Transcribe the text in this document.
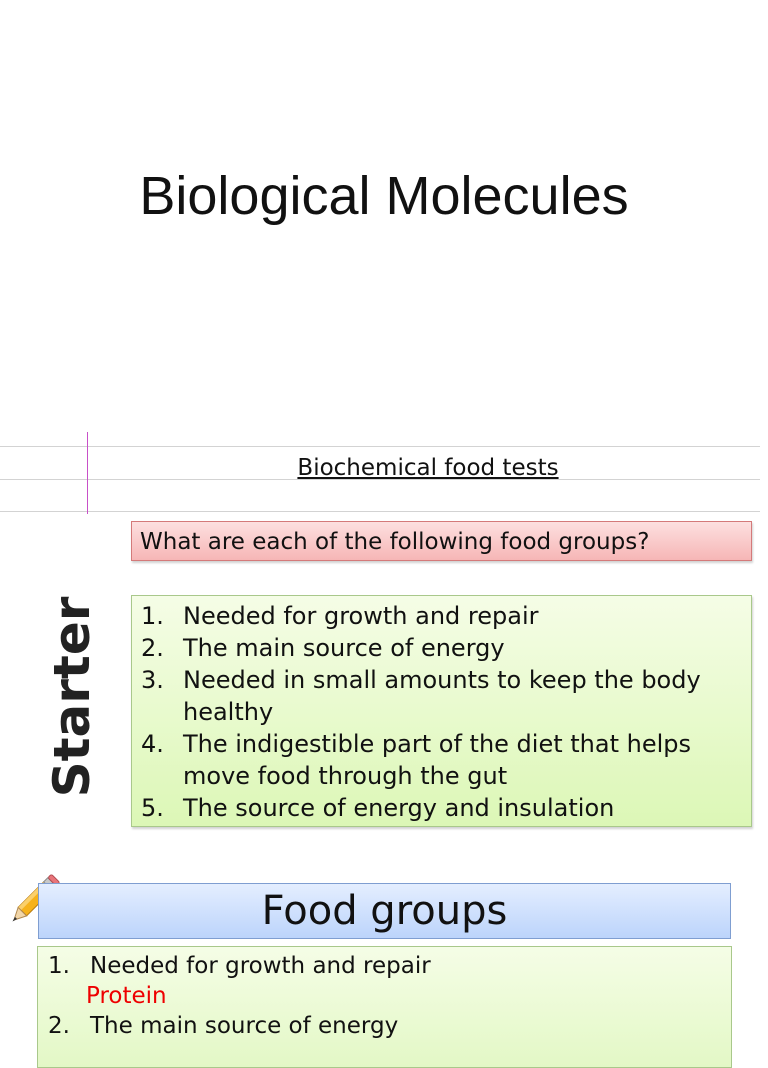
Biological Molecules
Biochemical food tests
What are each of the following food groups?
Starter 1. Needed for growth and repair
2. The main source of energy
3. Needed in small amounts to keep the body healthy
4. The indigestible part of the diet that helps move food through the gut
5. The source of energy and insulation
Food groups
1. Needed for growth and repair
Protein
2. The main source of energy
